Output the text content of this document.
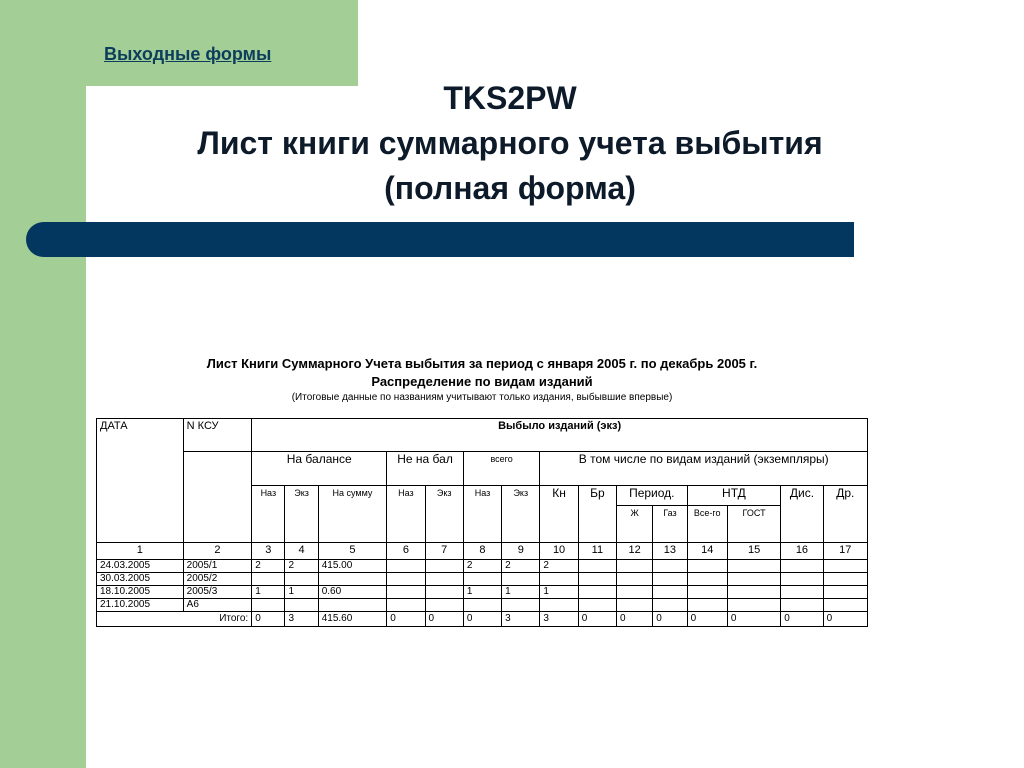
Выходные формы
TKS2PW
Лист книги суммарного учета выбытия
(полная форма)
Лист Книги Суммарного Учета выбытия за период с января 2005 г. по декабрь 2005 г.
Распределение по видам изданий
(Итоговые данные по названиям учитывают только издания, выбывшие впервые)
ДАТА	N КСУ	Выбыло изданий (экз)														
		На балансе			Не на бал		всего		В том числе по видам изданий (экземпляры)							
		Наз	Экз	На сумму	Наз	Экз	Наз	Экз	Кн	Бр	Период.		НТД		Дис.	Др.
											Ж	Газ	Все-го	ГОСТ		
1	2	3	4	5	6	7	8	9	10	11	12	13	14	15	16	17
24.03.2005	2005/1	2	2	415.00			2	2	2							
30.03.2005	2005/2															
18.10.2005	2005/3	1	1	0.60			1	1	1							
21.10.2005	А6															
Итого:		0	3	415.60	0	0	0	3	3	0	0	0	0	0	0	0
